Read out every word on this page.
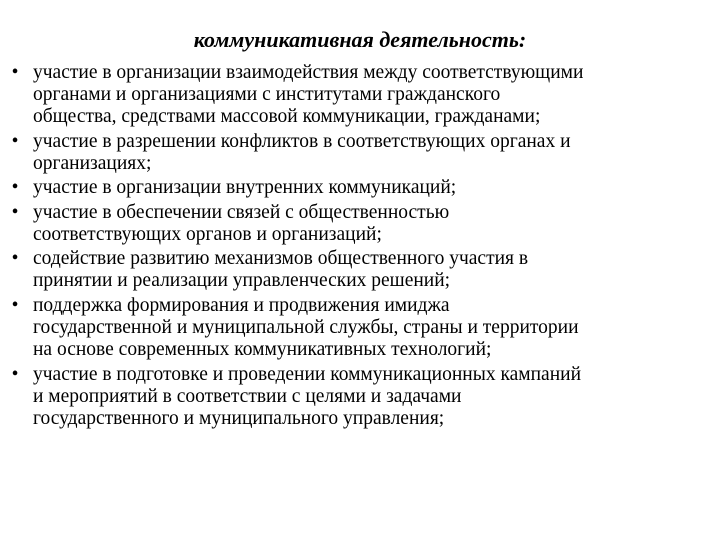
коммуникативная деятельность:
• участие в организации взаимодействия между соответствующими
органами и организациями с институтами гражданского
общества, средствами массовой коммуникации, гражданами;
• участие в разрешении конфликтов в соответствующих органах и
организациях;
• участие в организации внутренних коммуникаций;
• участие в обеспечении связей с общественностью
соответствующих органов и организаций;
• содействие развитию механизмов общественного участия в
принятии и реализации управленческих решений;
• поддержка формирования и продвижения имиджа
государственной и муниципальной службы, страны и территории
на основе современных коммуникативных технологий;
• участие в подготовке и проведении коммуникационных кампаний
и мероприятий в соответствии с целями и задачами
государственного и муниципального управления;
